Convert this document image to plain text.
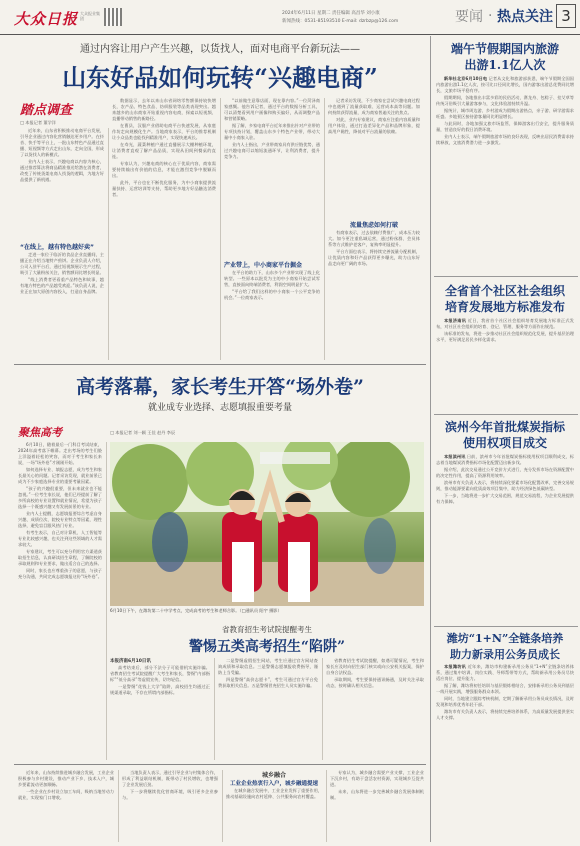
大众日报 大众报业集团
2024年6月11日 星期二 责任编辑 高昌华 刘小康
新闻热线：0531-85193510 E-mail: dzrbzp@126.com	要闻 · 热点关注 3
通过内容让用户产生兴趣，以货找人，面对电商平台新玩法——
山东好品如何玩转“兴趣电商”
踏点调查
□ 本报记者 董学洋

近年来，山东省积极推动电商平台发展，引导企业通过内容化营销触达更多用户。在抖音、快手等平台上，一批山东特色产品通过直播、短视频等方式走出山东，走向全国，形成了以货找人的新模式。

业内人士表示，兴趣电商以内容为核心，通过推荐算法将商品精准推送给潜在消费者，改变了传统货架电商人找货的逻辑，为地方好品提供了新机遇。

“在线上，越有特色越好卖”

走进一家位于临沂的食品企业直播间，主播正在介绍当地特产煎饼。企业负责人介绍，公司入驻平台后，通过短视频展示生产过程，吸引了大量粉丝关注，销售额同比增长明显。

“线上消费者更看重产品特色和故事，越有地方特色的产品越受欢迎。”该负责人说，企业正在加大原创内容投入，打造自身品牌。

数据显示，去年以来山东省网络零售额保持较快增长，农产品、特色食品、纺织服装等品类表现突出。越来越多的山东商家开始重视内容电商，探索以短视频、直播带动销售的新路径。

在曹县，汉服产业借助电商平台快速发展，从家庭作坊走向规模化生产。当地商家表示，平台的推荐机制让小众品类也能找到精准用户，实现快速成长。

在寿光，蔬菜种植户通过直播展示大棚种植环境，让消费者直观了解产品品质，实现从田间到餐桌的直连。

专家认为，兴趣电商的核心在于优质内容，商家需要持续输出有价值的信息，才能在激烈竞争中脱颖而出。

此外，平台也在不断优化服务，为中小商家提供流量扶持、运营培训等支持，帮助更多地方好品触达消费者。

“以前做生意靠店面，现在靠内容。”一位菏泽商家感慨。他告诉记者，通过平台的数据分析工具，可以清楚看到用户画像和购买偏好，从而调整产品和营销策略。

据了解，多家电商平台近年来推出针对产业带的专项扶持计划，覆盖山东多个特色产业带，带动大量中小商家入驻。

业内人士指出，产业带商家具有供应链优势，通过兴趣电商可以缩短流通环节，让利消费者，提升竞争力。

产业带上，中小商家平台掘金

在平台的助力下，山东多个产业带实现了线上化转型。一些原本以批发为主的中小商家开始尝试零售，直接面向终端消费者，利润空间明显扩大。

“平台给了我们这样的中小商家一个公平竞争的机会。”一位商家表示。

记者采访发现，不少商家在尝试兴趣电商过程中也遇到了流量获取难、运营成本高等问题。如何持续获得流量，成为商家普遍关注的焦点。

对此，业内专家建议，商家应注重内容质量和用户体验，通过打造差异化产品和品牌形象，提高用户黏性，降低对平台流量的依赖。

流量焦虑如何打破

有商家表示，过去依赖付费推广，成本压力较大。如今更注重私域运营，通过粉丝群、会员体系等方式维护老客户，复购率明显提升。

平台方面也表示，将持续完善流量分配机制，让优质内容和好产品获得更多曝光，助力山东好品走向更广阔的市场。

高考落幕，家长考生开答“场外卷”
就业成专业选择、志愿填报重要考量
聚焦高考	□ 本报记者 刘一颖 王佳 赵丹 李辰

6月10日，随着最后一门科目考试结束，2024年高考落下帷幕。走出考场的考生们脸上洋溢着轻松的笑容，而对于考生和家长来说，一场“场外卷”才刚刚开始。

如何选择专业、填报志愿，成为考生和家长最关心的问题。记者采访发现，就业前景已成为不少家庭选择专业的重要考量因素。

“孩子的兴趣很重要，但未来就业也不能忽视。”一位考生家长说，他们已经提前了解了多所高校的专业设置和就业情况，希望为孩子选择一个既感兴趣又有发展前景的专业。

业内人士提醒，志愿填报要综合考虑自身兴趣、成绩位次、院校专业特点等因素，理性选择，避免盲目跟风热门专业。

有考生表示，自己对计算机、人工智能等专业比较感兴趣，也关注到这些领域的人才需求较大。

专家建议，考生可以充分利用官方渠道获取招生信息，认真研读招生章程，了解院校的录取规则和专业要求，做出适合自己的选择。

同时，家长也应尊重孩子的意愿，与孩子充分沟通，共同完成志愿填报这份“场外卷”。

6月10日下午，在潍坊第二十中学考点，完成高考的考生和老师合影。（□通讯员 阳宇 摄影）
省教育招生考试院提醒考生
警惕五类高考招生“陷阱”
本报济南6月10日讯

高考结束后，部分不法分子可能借机实施诈骗。省教育招生考试院提醒广大考生和家长，警惕“内部指标”“低分高录”等虚假宣传，切勿轻信。

一是警惕“花钱上大学”陷阱，高校招生均通过正规渠道录取，不存在所谓内部指标。

二是警惕虚假招生网站，考生应通过官方网站查询成绩和录取信息。三是警惕志愿填报收费指导，谨防上当受骗。

四是警惕“高价志愿卡”，考生可通过官方平台免费获取相关信息。五是警惕冒充招生人员实施诈骗。

省教育招生考试院提醒，如遇可疑情况，考生和家长应及时向招生部门核实或向公安机关报案，保护自身合法权益。

录取期间，考生要保持通讯畅通，及时关注录取动态，按时确认相关信息。

近年来，山东持续推进城乡融合发展，工业企业积极参与乡村建设，推动产业下乡、技术入户，城乡要素流动更加顺畅。

一些企业在乡村设立加工车间，吸纳当地劳动力就业，实现家门口增收。

当地负责人表示，通过引导企业与村集体合作，形成了利益联结机制，既带动了村民增收，也增强了企业发展后劲。

下一步将继续优化营商环境，吸引更多企业参与。

城乡融合
工业企业热衷行入户，城乡融通提速

在城乡融合发展中，工业企业发挥了重要作用，推动基础设施向农村延伸、公共服务向农村覆盖。

专家认为，城乡融合需要产业支撑，工业企业下沉乡村，有助于盘活农村资源，实现城乡互促共进。

未来，山东将进一步完善城乡融合发展体制机制。

端午节假期国内旅游
出游1.1亿人次

新华社北京6月10日电 记者从文化和旅游部获悉，端午节假期全国国内旅游出游1.1亿人次，按可比口径同比增长，国内游客出游总花费同比增长，文旅市场平稳有序。

假期期间，各地推出丰富多彩的民俗活动，赛龙舟、包粽子、挂艾草等传统习俗吸引大量游客参与，文化体验游持续升温。

据统计，城市周边游、乡村游成为假期出游热点，亲子游、研学游需求旺盛。多地景区接待游客量同比明显增长。

与此同时，各地加强文旅市场监管，保障游客出行安全，提升服务质量，营造良好的假日消费环境。

业内人士表示，端午假期旅游市场的良好表现，反映出居民消费需求持续释放，文旅消费潜力进一步激发。

全省首个社区社会组织
培育发展地方标准发布

本报济南讯 近日，我省首个社区社会组织培育发展地方标准正式发布，对社区社会组织的培育、登记、管理、服务等方面作出规范。

该标准的发布，将进一步推动社区社会组织规范化发展，提升基层治理水平，更好满足居民多样化需求。

滨州今年首批煤炭指标
使用权项目成交

本报滨州讯 日前，滨州市今年首批煤炭指标使用权项目顺利成交，标志着当地煤炭消费指标市场化配置迈出新步伐。

据介绍，此次交易通过公开竞价方式进行，充分发挥市场在资源配置中的决定性作用，提高了资源利用效率。

滨州市有关负责人表示，将持续深化要素市场化配置改革，完善交易规则，推动能源要素向优质高效项目集中，助力经济绿色低碳转型。

下一步，当地将进一步扩大交易范围，规范交易流程，为企业发展提供有力保障。

潍坊“1+N”全链条培养
助力新录用公务员成长

本报潍坊讯 近年来，潍坊市构建新录用公务员“1+N”全链条培养体系，通过集中培训、岗位实践、导师帮带等方式，帮助新录用公务员尽快适应岗位、提升能力。

据了解，潍坊将初任培训与基层锻炼相结合，安排新录用公务员到基层一线开展实践，增强服务群众本领。

同时，当地建立跟踪考核机制，定期了解新录用公务员成长情况，及时发现和培养优秀年轻干部。

潍坊市有关负责人表示，将持续完善培养体系，为高质量发展提供坚实人才支撑。
